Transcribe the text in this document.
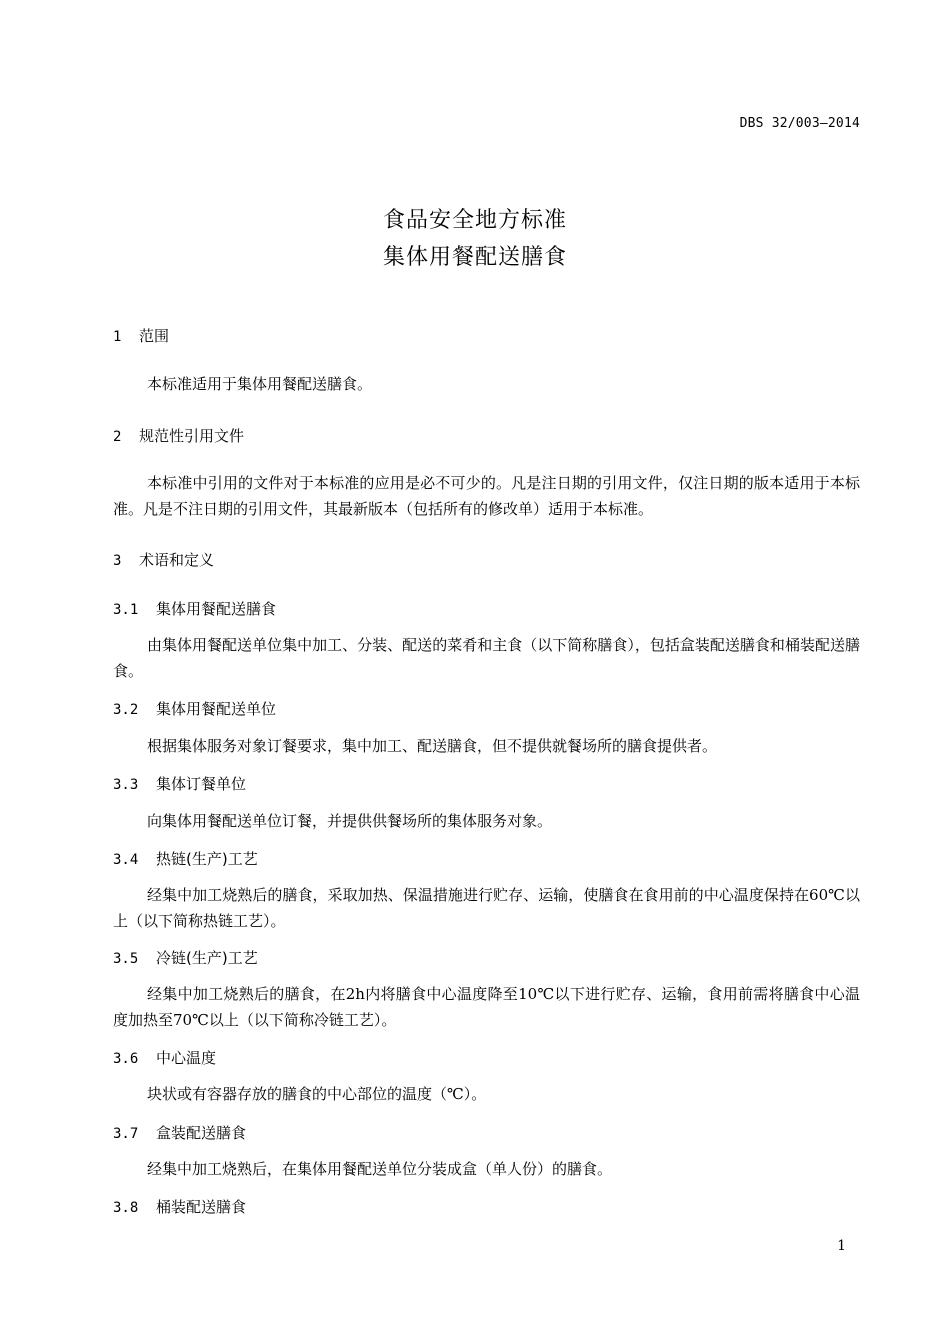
DBS 32/003—2014
食品安全地方标准
集体用餐配送膳食
1 范围
本标准适用于集体用餐配送膳食。
2 规范性引用文件
本标准中引用的文件对于本标准的应用是必不可少的。凡是注日期的引用文件，仅注日期的版本适用于本标准。凡是不注日期的引用文件，其最新版本（包括所有的修改单）适用于本标准。
3 术语和定义
3.1 集体用餐配送膳食
由集体用餐配送单位集中加工、分装、配送的菜肴和主食（以下简称膳食），包括盒装配送膳食和桶装配送膳食。
3.2 集体用餐配送单位
根据集体服务对象订餐要求，集中加工、配送膳食，但不提供就餐场所的膳食提供者。
3.3 集体订餐单位
向集体用餐配送单位订餐，并提供供餐场所的集体服务对象。
3.4 热链(生产)工艺
经集中加工烧熟后的膳食，采取加热、保温措施进行贮存、运输，使膳食在食用前的中心温度保持在60℃以上（以下简称热链工艺）。
3.5 冷链(生产)工艺
经集中加工烧熟后的膳食，在2h内将膳食中心温度降至10℃以下进行贮存、运输，食用前需将膳食中心温度加热至70℃以上（以下简称冷链工艺）。
3.6 中心温度
块状或有容器存放的膳食的中心部位的温度（℃）。
3.7 盒装配送膳食
经集中加工烧熟后，在集体用餐配送单位分装成盒（单人份）的膳食。
3.8 桶装配送膳食
1
